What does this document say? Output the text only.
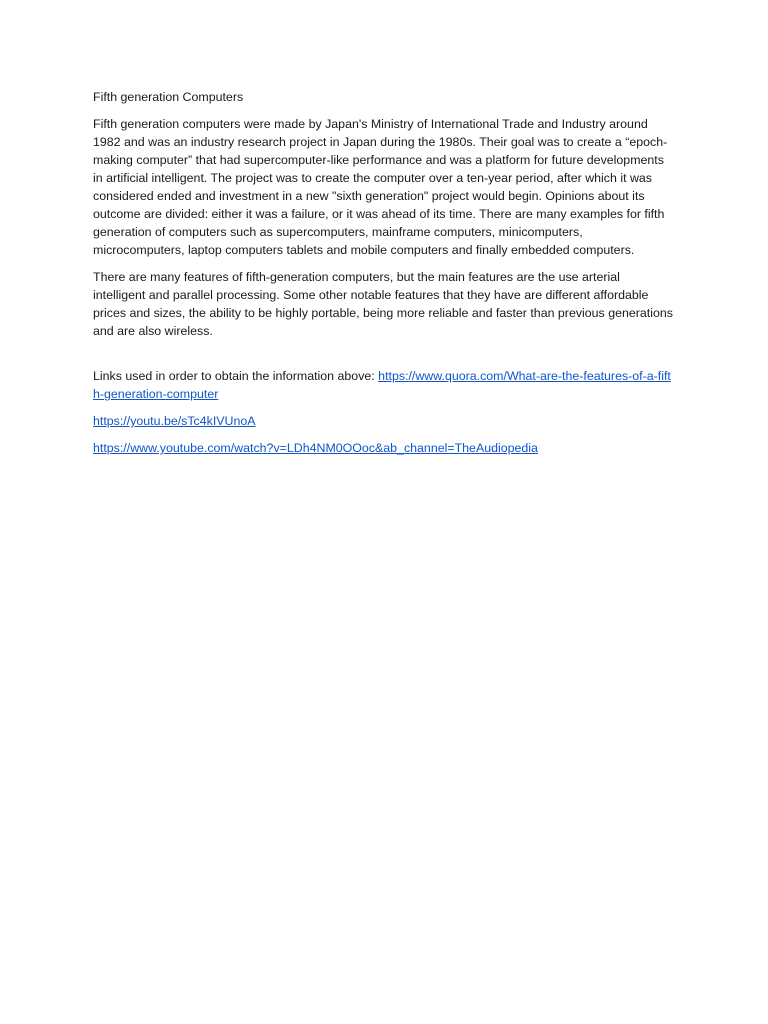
Fifth generation Computers

Fifth generation computers were made by Japan's Ministry of International Trade and Industry around 1982 and was an industry research project in Japan during the 1980s. Their goal was to create a “epoch-making computer” that had supercomputer-like performance and was a platform for future developments in artificial intelligent. The project was to create the computer over a ten-year period, after which it was considered ended and investment in a new "sixth generation" project would begin. Opinions about its outcome are divided: either it was a failure, or it was ahead of its time. There are many examples for fifth generation of computers such as supercomputers, mainframe computers, minicomputers, microcomputers, laptop computers tablets and mobile computers and finally embedded computers.

There are many features of fifth-generation computers, but the main features are the use arterial intelligent and parallel processing. Some other notable features that they have are different affordable prices and sizes, the ability to be highly portable, being more reliable and faster than previous generations and are also wireless.

Links used in order to obtain the information above: https://www.quora.com/What-are-the-features-of-a-fifth-generation-computer

https://youtu.be/sTc4kIVUnoA

https://www.youtube.com/watch?v=LDh4NM0OOoc&ab_channel=TheAudiopedia
